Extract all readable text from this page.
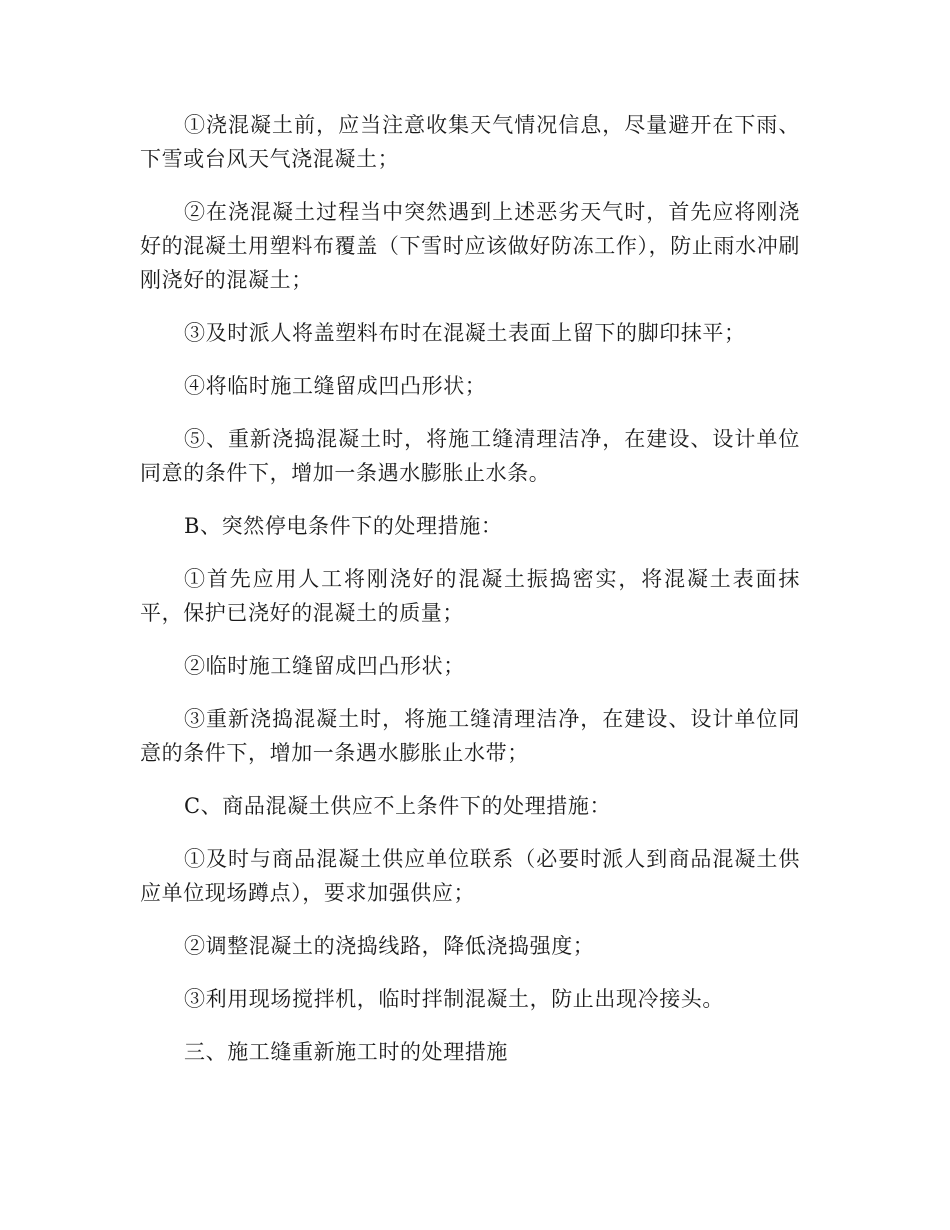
①浇混凝土前，应当注意收集天气情况信息，尽量避开在下雨、下雪或台风天气浇混凝土；

②在浇混凝土过程当中突然遇到上述恶劣天气时，首先应将刚浇好的混凝土用塑料布覆盖（下雪时应该做好防冻工作），防止雨水冲刷刚浇好的混凝土；

③及时派人将盖塑料布时在混凝土表面上留下的脚印抹平；

④将临时施工缝留成凹凸形状；

⑤、重新浇捣混凝土时，将施工缝清理洁净，在建设、设计单位同意的条件下，增加一条遇水膨胀止水条。

B、突然停电条件下的处理措施：

①首先应用人工将刚浇好的混凝土振捣密实，将混凝土表面抹平，保护已浇好的混凝土的质量；

②临时施工缝留成凹凸形状；

③重新浇捣混凝土时，将施工缝清理洁净，在建设、设计单位同意的条件下，增加一条遇水膨胀止水带；

C、商品混凝土供应不上条件下的处理措施：

①及时与商品混凝土供应单位联系（必要时派人到商品混凝土供应单位现场蹲点），要求加强供应；

②调整混凝土的浇捣线路，降低浇捣强度；

③利用现场搅拌机，临时拌制混凝土，防止出现冷接头。

三、施工缝重新施工时的处理措施
